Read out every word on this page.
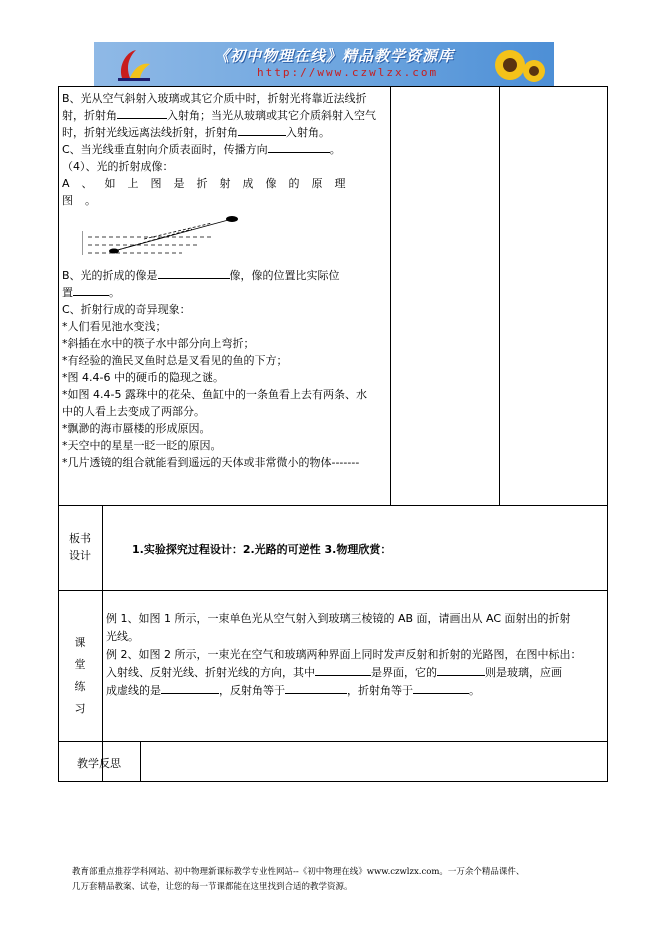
《初中物理在线》精品教学资源库
http://www.czwlzx.com

B、光从空气斜射入玻璃或其它介质中时，折射光将靠近法线折

射，折射角	入射角；当光从玻璃或其它介质斜射入空气

时，折射光线远离法线折射，折射角	入射角。

C、当光线垂直射向介质表面时，传播方向	。

（4）、光的折射成像：

A、如上图是折射成像的原理图。

B、光的折成的像是	像，像的位置比实际位

置	。

C、折射行成的奇异现象：

*人们看见池水变浅；

*斜插在水中的筷子水中部分向上弯折；

*有经验的渔民叉鱼时总是叉看见的鱼的下方；

*图 4.4-6 中的硬币的隐现之谜。

*如图 4.4-5 露珠中的花朵、鱼缸中的一条鱼看上去有两条、水

中的人看上去变成了两部分。

*飘渺的海市蜃楼的形成原因。

*天空中的星星一眨一眨的原因。

*几片透镜的组合就能看到遥远的天体或非常微小的物体-------

板书
设计	1.实验探究过程设计：2.光路的可逆性 3.物理欣赏：
课
堂
练
习

例 1、如图 1 所示，一束单色光从空气射入到玻璃三棱镜的 AB 面，请画出从 AC 面射出的折射

光线。

例 2、如图 2 所示，一束光在空气和玻璃两种界面上同时发声反射和折射的光路图，在图中标出：

入射线、反射光线、折射光线的方向，其中	是界面，它的	则是玻璃，应画

成虚线的是	，反射角等于	，折射角等于	。

教学反思
教育部重点推荐学科网站、初中物理新课标教学专业性网站--《初中物理在线》www.czwlzx.com。一万余个精品课件、
几万套精品教案、试卷，让您的每一节课都能在这里找到合适的教学资源。
